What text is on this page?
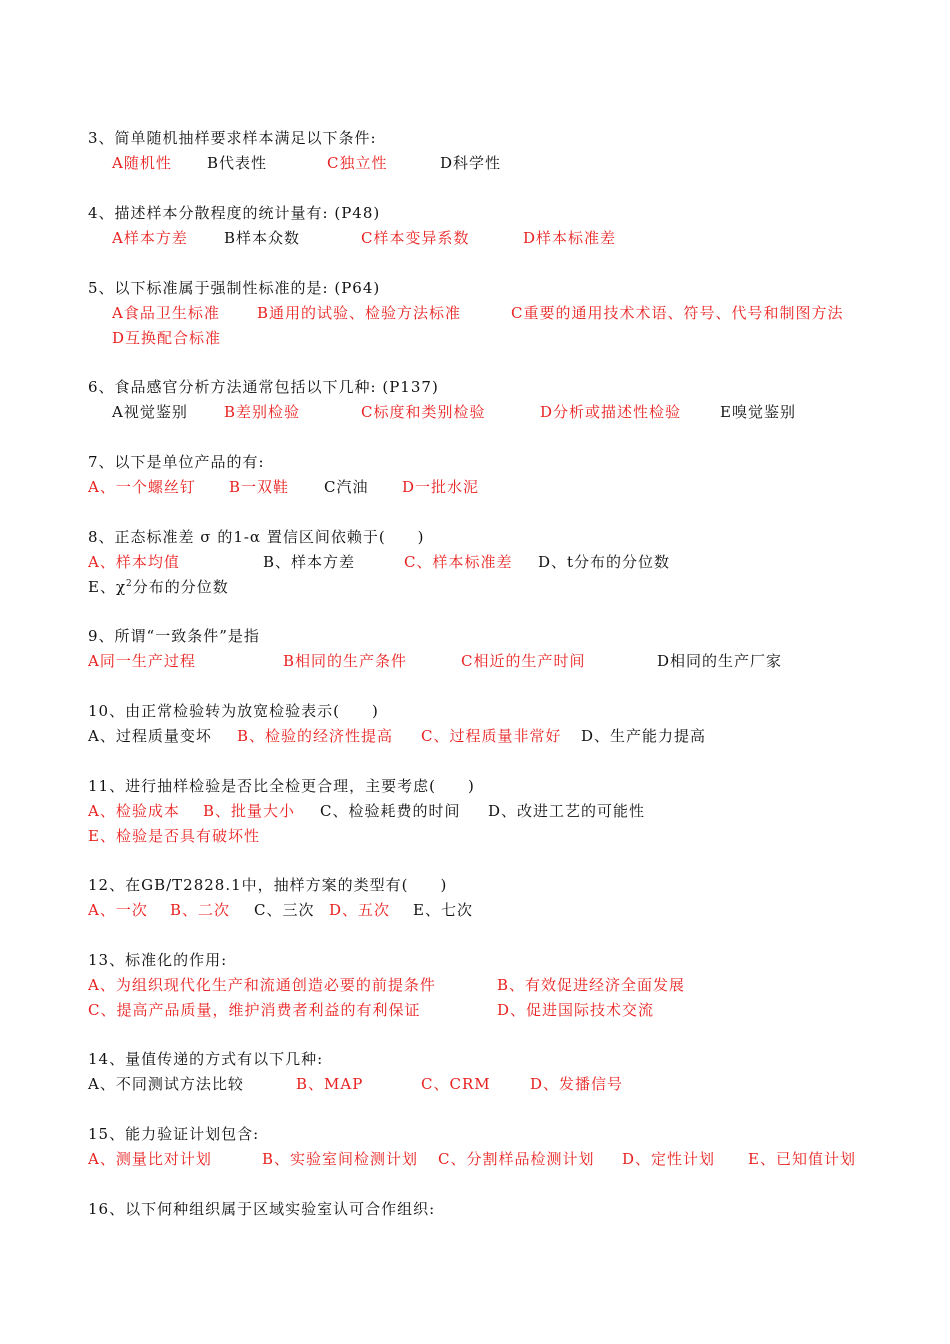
3、简单随机抽样要求样本满足以下条件:
A随机性 B代表性	C独立性	D科学性
4、描述样本分散程度的统计量有: (P48)
A样本方差 B样本众数	C样本变异系数	D样本标准差
5、以下标准属于强制性标准的是: (P64)
A食品卫生标准 B通用的试验、检验方法标准	C重要的通用技术术语、符号、代号和制图方法
D互换配合标准
6、食品感官分析方法通常包括以下几种: (P137)
A视觉鉴别 B差别检验	C标度和类别检验	D分析或描述性检验	E嗅觉鉴别
7、以下是单位产品的有:
A、一个螺丝钉 B一双鞋 C汽油 D一批水泥
8、正态标准差 σ 的1-α 置信区间依赖于(　　)
A、样本均值	B、样本方差	C、样本标准差 D、t分布的分位数
E、$\chi^2$分布的分位数
9、所谓“一致条件”是指
A同一生产过程	B相同的生产条件	C相近的生产时间	D相同的生产厂家
10、由正常检验转为放宽检验表示(　　)
A、过程质量变坏 B、检验的经济性提高 C、过程质量非常好 D、生产能力提高
11、进行抽样检验是否比全检更合理，主要考虑(　　)
A、检验成本 B、批量大小 C、检验耗费的时间 D、改进工艺的可能性
E、检验是否具有破坏性
12、在GB/T2828.1中，抽样方案的类型有(　　)
A、一次 B、二次 C、三次 D、五次 E、七次
13、标准化的作用:
A、为组织现代化生产和流通创造必要的前提条件	B、有效促进经济全面发展
C、提高产品质量，维护消费者利益的有利保证	D、促进国际技术交流
14、量值传递的方式有以下几种:
A、不同测试方法比较	B、MAP	C、CRM	D、发播信号
15、能力验证计划包含:
A、测量比对计划	B、实验室间检测计划 C、分割样品检测计划 D、定性计划 E、已知值计划
16、以下何种组织属于区域实验室认可合作组织:
